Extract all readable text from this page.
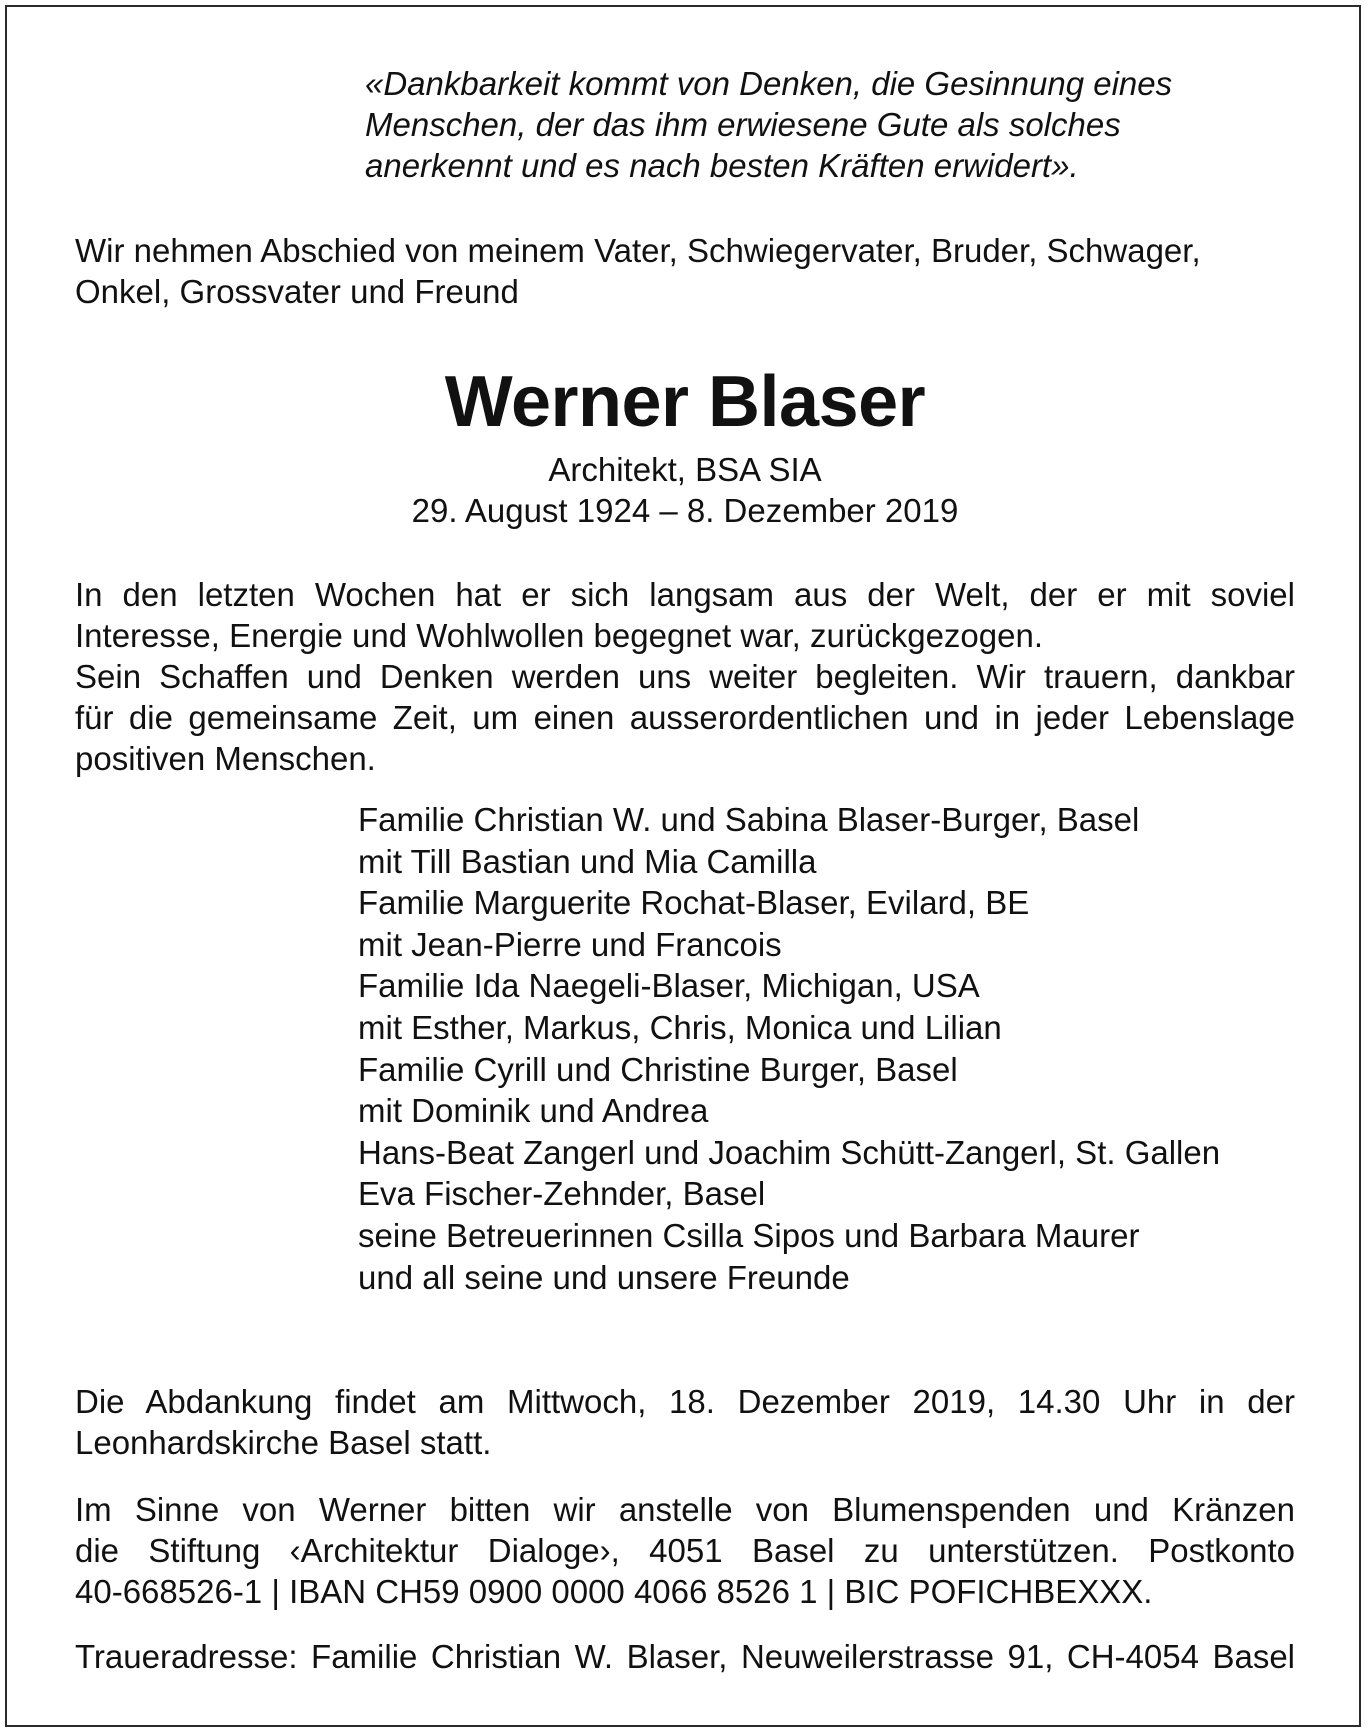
«Dankbarkeit kommt von Denken, die Gesinnung eines
Menschen, der das ihm erwiesene Gute als solches
anerkennt und es nach besten Kräften erwidert».
Wir nehmen Abschied von meinem Vater, Schwiegervater, Bruder, Schwager,
Onkel, Grossvater und Freund
Werner Blaser
Architekt, BSA SIA
29. August 1924 – 8. Dezember 2019
In den letzten Wochen hat er sich langsam aus der Welt, der er mit soviel
Interesse, Energie und Wohlwollen begegnet war, zurückgezogen.
Sein Schaffen und Denken werden uns weiter begleiten. Wir trauern, dankbar
für die gemeinsame Zeit, um einen ausserordentlichen und in jeder Lebenslage
positiven Menschen.
Familie Christian W. und Sabina Blaser-Burger, Basel
mit Till Bastian und Mia Camilla
Familie Marguerite Rochat-Blaser, Evilard, BE
mit Jean-Pierre und Francois
Familie Ida Naegeli-Blaser, Michigan, USA
mit Esther, Markus, Chris, Monica und Lilian
Familie Cyrill und Christine Burger, Basel
mit Dominik und Andrea
Hans-Beat Zangerl und Joachim Schütt-Zangerl, St. Gallen
Eva Fischer-Zehnder, Basel
seine Betreuerinnen Csilla Sipos und Barbara Maurer
und all seine und unsere Freunde
Die Abdankung findet am Mittwoch, 18. Dezember 2019, 14.30 Uhr in der
Leonhardskirche Basel statt.
Im Sinne von Werner bitten wir anstelle von Blumenspenden und Kränzen
die Stiftung ‹Architektur Dialoge›, 4051 Basel zu unterstützen. Postkonto
40-668526-1 | IBAN CH59 0900 0000 4066 8526 1 | BIC POFICHBEXXX.
Traueradresse: Familie Christian W. Blaser, Neuweilerstrasse 91, CH-4054 Basel
